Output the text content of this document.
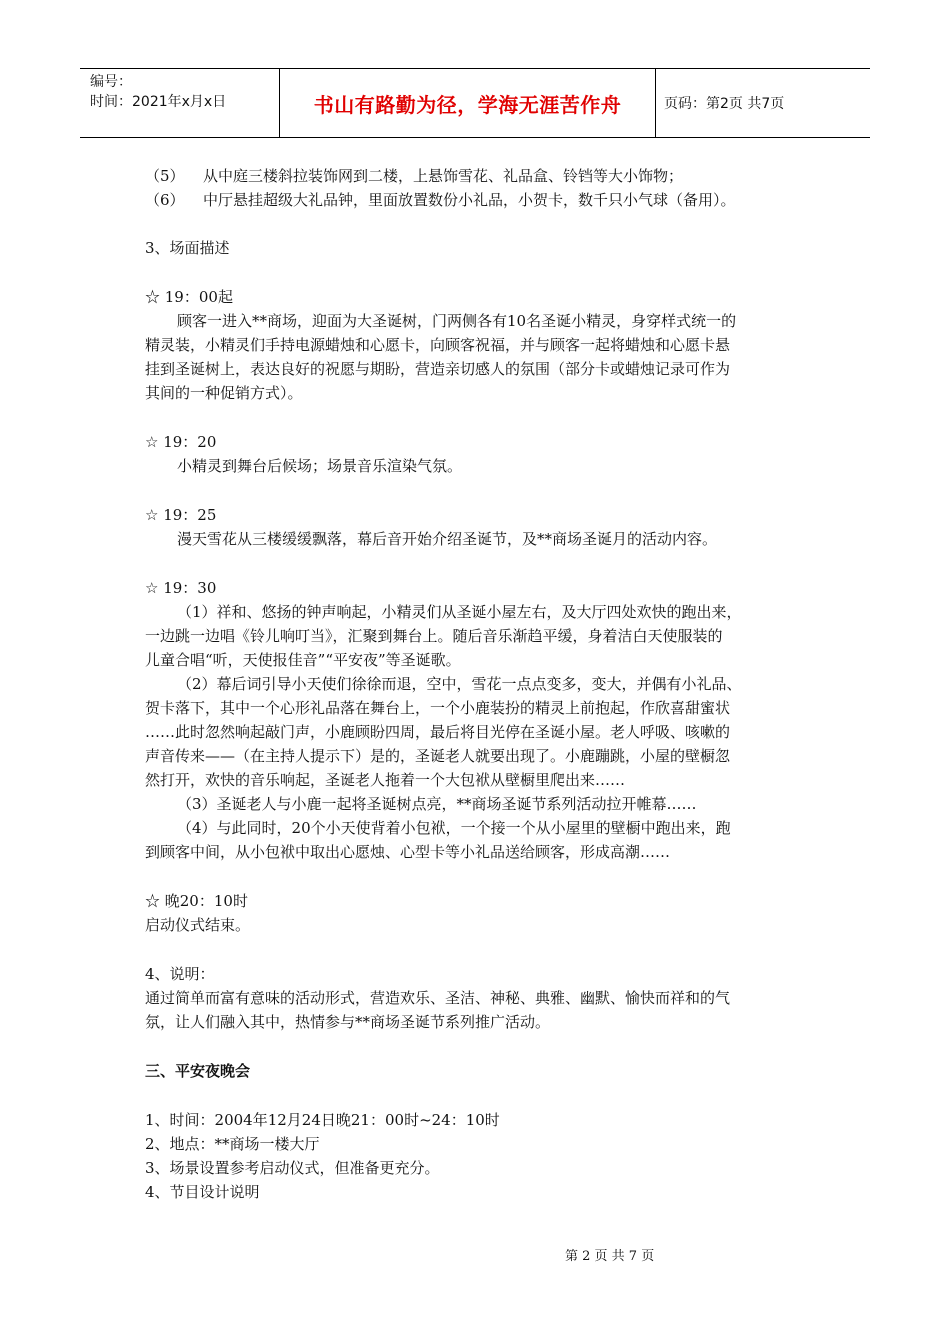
编号：
时间：2021年x月x日	书山有路勤为径，学海无涯苦作舟	页码：第2页 共7页
（5） 从中庭三楼斜拉装饰网到二楼，上悬饰雪花、礼品盒、铃铛等大小饰物；
（6） 中厅悬挂超级大礼品钟，里面放置数份小礼品，小贺卡，数千只小气球（备用）。
3、场面描述
☆ 19：00起
顾客一进入**商场，迎面为大圣诞树，门两侧各有10名圣诞小精灵，身穿样式统一的
精灵装，小精灵们手持电源蜡烛和心愿卡，向顾客祝福，并与顾客一起将蜡烛和心愿卡悬
挂到圣诞树上，表达良好的祝愿与期盼，营造亲切感人的氛围（部分卡或蜡烛记录可作为
其间的一种促销方式）。
☆ 19：20
小精灵到舞台后候场；场景音乐渲染气氛。
☆ 19：25
漫天雪花从三楼缓缓飘落，幕后音开始介绍圣诞节，及**商场圣诞月的活动内容。
☆ 19：30
（1）祥和、悠扬的钟声响起，小精灵们从圣诞小屋左右，及大厅四处欢快的跑出来，
一边跳一边唱《铃儿响叮当》，汇聚到舞台上。随后音乐渐趋平缓，身着洁白天使服装的
儿童合唱“听，天使报佳音”“平安夜”等圣诞歌。
（2）幕后词引导小天使们徐徐而退，空中，雪花一点点变多，变大，并偶有小礼品、
贺卡落下，其中一个心形礼品落在舞台上，一个小鹿装扮的精灵上前抱起，作欣喜甜蜜状
……此时忽然响起敲门声，小鹿顾盼四周，最后将目光停在圣诞小屋。老人呼吸、咳嗽的
声音传来——（在主持人提示下）是的，圣诞老人就要出现了。小鹿蹦跳，小屋的壁橱忽
然打开，欢快的音乐响起，圣诞老人拖着一个大包袱从壁橱里爬出来……
（3）圣诞老人与小鹿一起将圣诞树点亮，**商场圣诞节系列活动拉开帷幕……
（4）与此同时，20个小天使背着小包袱，一个接一个从小屋里的壁橱中跑出来，跑
到顾客中间，从小包袱中取出心愿烛、心型卡等小礼品送给顾客，形成高潮……
☆ 晚20：10时
启动仪式结束。
4、说明：
通过简单而富有意味的活动形式，营造欢乐、圣洁、神秘、典雅、幽默、愉快而祥和的气
氛，让人们融入其中，热情参与**商场圣诞节系列推广活动。
三、平安夜晚会
1、时间：2004年12月24日晚21：00时~24：10时
2、地点：**商场一楼大厅
3、场景设置参考启动仪式，但准备更充分。
4、节目设计说明
第 2 页 共 7 页
